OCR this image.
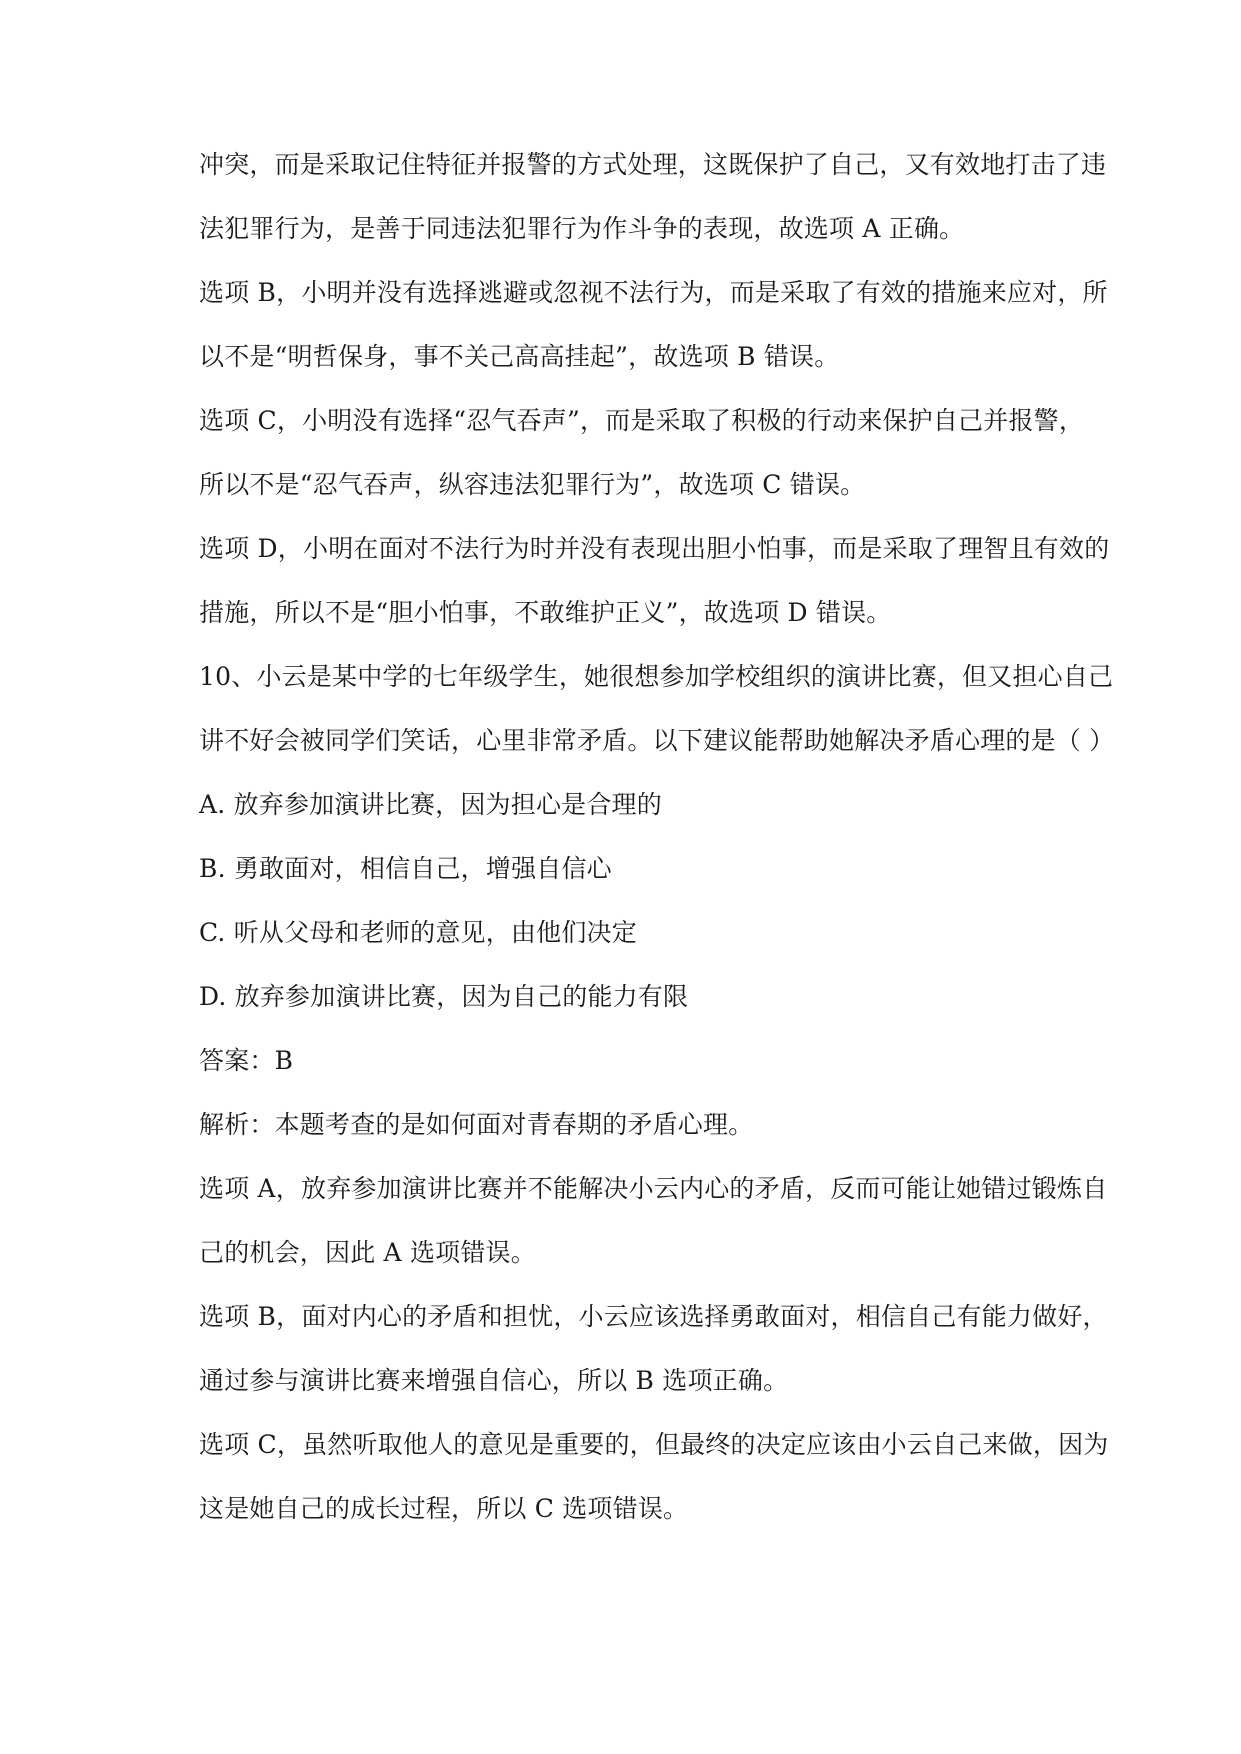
冲突，而是采取记住特征并报警的方式处理，这既保护了自己，又有效地打击了违
法犯罪行为，是善于同违法犯罪行为作斗争的表现，故选项 A 正确。
选项 B，小明并没有选择逃避或忽视不法行为，而是采取了有效的措施来应对，所
以不是“明哲保身，事不关己高高挂起”，故选项 B 错误。
选项 C，小明没有选择“忍气吞声”，而是采取了积极的行动来保护自己并报警，
所以不是“忍气吞声，纵容违法犯罪行为”，故选项 C 错误。
选项 D，小明在面对不法行为时并没有表现出胆小怕事，而是采取了理智且有效的
措施，所以不是“胆小怕事，不敢维护正义”，故选项 D 错误。
10、小云是某中学的七年级学生，她很想参加学校组织的演讲比赛，但又担心自己
讲不好会被同学们笑话，心里非常矛盾。以下建议能帮助她解决矛盾心理的是（ ）
A. 放弃参加演讲比赛，因为担心是合理的
B. 勇敢面对，相信自己，增强自信心
C. 听从父母和老师的意见，由他们决定
D. 放弃参加演讲比赛，因为自己的能力有限
答案：B
解析：本题考查的是如何面对青春期的矛盾心理。
选项 A，放弃参加演讲比赛并不能解决小云内心的矛盾，反而可能让她错过锻炼自
己的机会，因此 A 选项错误。
选项 B，面对内心的矛盾和担忧，小云应该选择勇敢面对，相信自己有能力做好，
通过参与演讲比赛来增强自信心，所以 B 选项正确。
选项 C，虽然听取他人的意见是重要的，但最终的决定应该由小云自己来做，因为
这是她自己的成长过程，所以 C 选项错误。
